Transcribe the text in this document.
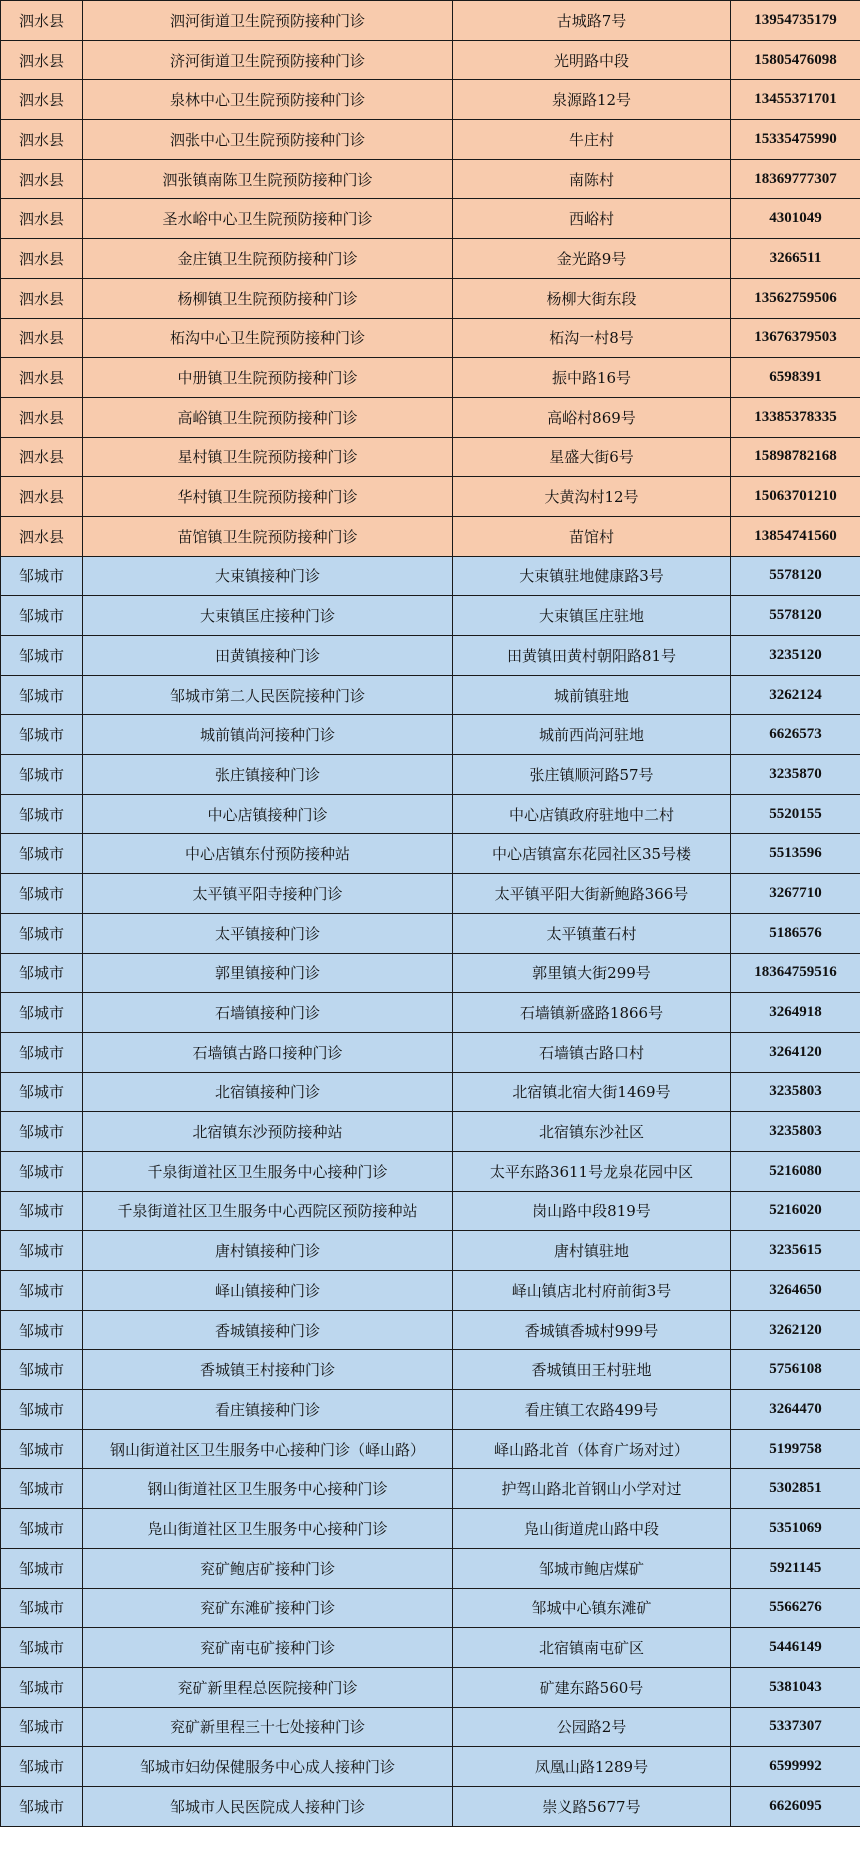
泗水县	泗河街道卫生院预防接种门诊	古城路7号	13954735179
泗水县	济河街道卫生院预防接种门诊	光明路中段	15805476098
泗水县	泉林中心卫生院预防接种门诊	泉源路12号	13455371701
泗水县	泗张中心卫生院预防接种门诊	牛庄村	15335475990
泗水县	泗张镇南陈卫生院预防接种门诊	南陈村	18369777307
泗水县	圣水峪中心卫生院预防接种门诊	西峪村	4301049
泗水县	金庄镇卫生院预防接种门诊	金光路9号	3266511
泗水县	杨柳镇卫生院预防接种门诊	杨柳大街东段	13562759506
泗水县	柘沟中心卫生院预防接种门诊	柘沟一村8号	13676379503
泗水县	中册镇卫生院预防接种门诊	振中路16号	6598391
泗水县	高峪镇卫生院预防接种门诊	高峪村869号	13385378335
泗水县	星村镇卫生院预防接种门诊	星盛大街6号	15898782168
泗水县	华村镇卫生院预防接种门诊	大黄沟村12号	15063701210
泗水县	苗馆镇卫生院预防接种门诊	苗馆村	13854741560
邹城市	大束镇接种门诊	大束镇驻地健康路3号	5578120
邹城市	大束镇匡庄接种门诊	大束镇匡庄驻地	5578120
邹城市	田黄镇接种门诊	田黄镇田黄村朝阳路81号	3235120
邹城市	邹城市第二人民医院接种门诊	城前镇驻地	3262124
邹城市	城前镇尚河接种门诊	城前西尚河驻地	6626573
邹城市	张庄镇接种门诊	张庄镇顺河路57号	3235870
邹城市	中心店镇接种门诊	中心店镇政府驻地中二村	5520155
邹城市	中心店镇东付预防接种站	中心店镇富东花园社区35号楼	5513596
邹城市	太平镇平阳寺接种门诊	太平镇平阳大街新鲍路366号	3267710
邹城市	太平镇接种门诊	太平镇董石村	5186576
邹城市	郭里镇接种门诊	郭里镇大街299号	18364759516
邹城市	石墙镇接种门诊	石墙镇新盛路1866号	3264918
邹城市	石墙镇古路口接种门诊	石墙镇古路口村	3264120
邹城市	北宿镇接种门诊	北宿镇北宿大街1469号	3235803
邹城市	北宿镇东沙预防接种站	北宿镇东沙社区	3235803
邹城市	千泉街道社区卫生服务中心接种门诊	太平东路3611号龙泉花园中区	5216080
邹城市	千泉街道社区卫生服务中心西院区预防接种站	岗山路中段819号	5216020
邹城市	唐村镇接种门诊	唐村镇驻地	3235615
邹城市	峄山镇接种门诊	峄山镇店北村府前街3号	3264650
邹城市	香城镇接种门诊	香城镇香城村999号	3262120
邹城市	香城镇王村接种门诊	香城镇田王村驻地	5756108
邹城市	看庄镇接种门诊	看庄镇工农路499号	3264470
邹城市	钢山街道社区卫生服务中心接种门诊（峄山路）	峄山路北首（体育广场对过）	5199758
邹城市	钢山街道社区卫生服务中心接种门诊	护驾山路北首钢山小学对过	5302851
邹城市	凫山街道社区卫生服务中心接种门诊	凫山街道虎山路中段	5351069
邹城市	兖矿鲍店矿接种门诊	邹城市鲍店煤矿	5921145
邹城市	兖矿东滩矿接种门诊	邹城中心镇东滩矿	5566276
邹城市	兖矿南屯矿接种门诊	北宿镇南屯矿区	5446149
邹城市	兖矿新里程总医院接种门诊	矿建东路560号	5381043
邹城市	兖矿新里程三十七处接种门诊	公园路2号	5337307
邹城市	邹城市妇幼保健服务中心成人接种门诊	凤凰山路1289号	6599992
邹城市	邹城市人民医院成人接种门诊	崇义路5677号	6626095
